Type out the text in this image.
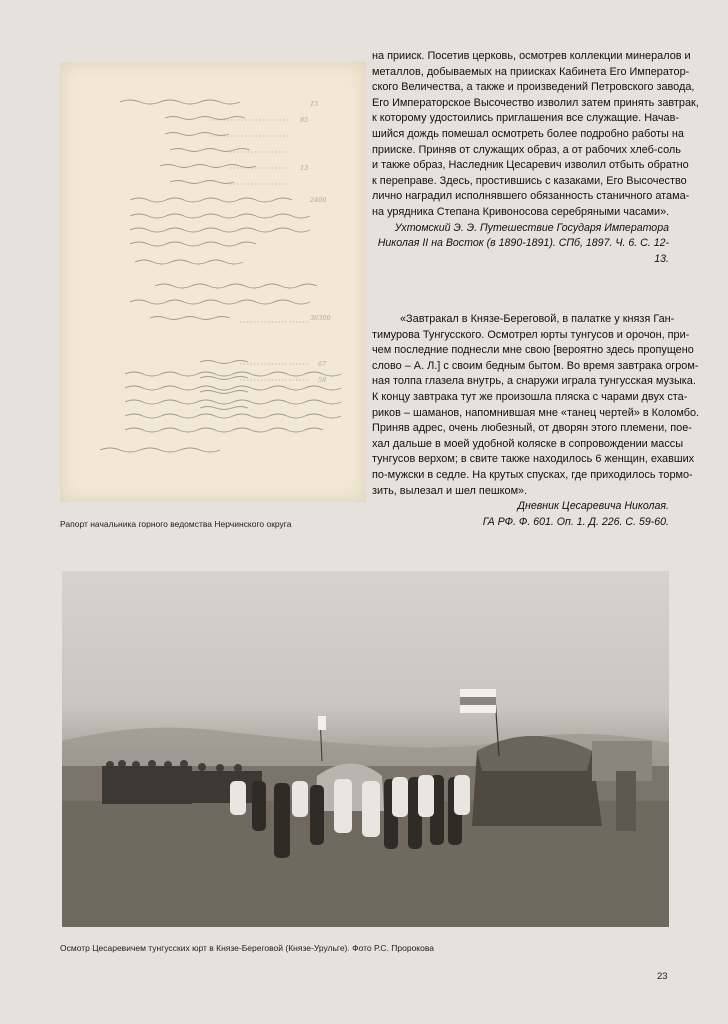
15
85
13
2400
36300
67
58
Рапорт начальника горного ведомства Нерчинского округа

на прииск. Посетив церковь, осмотрев коллекции минералов и
металлов, добываемых на приисках Кабинета Его Император-
ского Величества, а также и произведений Петровского завода,
Его Императорское Высочество изволил затем принять завтрак,
к которому удостоились приглашения все служащие. Начав-
шийся дождь помешал осмотреть более подробно работы на
прииске. Приняв от служащих образ, а от рабочих хлеб-соль
и также образ, Наследник Цесаревич изволил отбыть обратно
к переправе. Здесь, простившись с казаками, Его Высочество
лично наградил исполнявшего обязанность станичного атама-
на урядника Степана Кривоносова серебряными часами».

Ухтомский Э. Э. Путешествие Государя Императора
Николая II на Восток (в 1890-1891). СПб, 1897. Ч. 6. С. 12-13.

«Завтракал в Князе-Береговой, в палатке у князя Ган-
тимурова Тунгусского. Осмотрел юрты тунгусов и орочон, при-
чем последние поднесли мне свою [вероятно здесь пропущено
слово – А. Л.] с своим бедным бытом. Во время завтрака огром-
ная толпа глазела внутрь, а снаружи играла тунгусская музыка.
К концу завтрака тут же произошла пляска с чарами двух ста-
риков – шаманов, напомнившая мне «танец чертей» в Коломбо.
Приняв адрес, очень любезный, от дворян этого племени, пое-
хал дальше в моей удобной коляске в сопровождении массы
тунгусов верхом; в свите также находилось 6 женщин, ехавших
по-мужски в седле. На крутых спусках, где приходилось тормо-
зить, вылезал и шел пешком».

Дневник Цесаревича Николая.
ГА РФ. Ф. 601. Оп. 1. Д. 226. С. 59-60.
Осмотр Цесаревичем тунгусских юрт в Князе-Береговой (Князе-Урульге). Фото Р.С. Пророкова
23
